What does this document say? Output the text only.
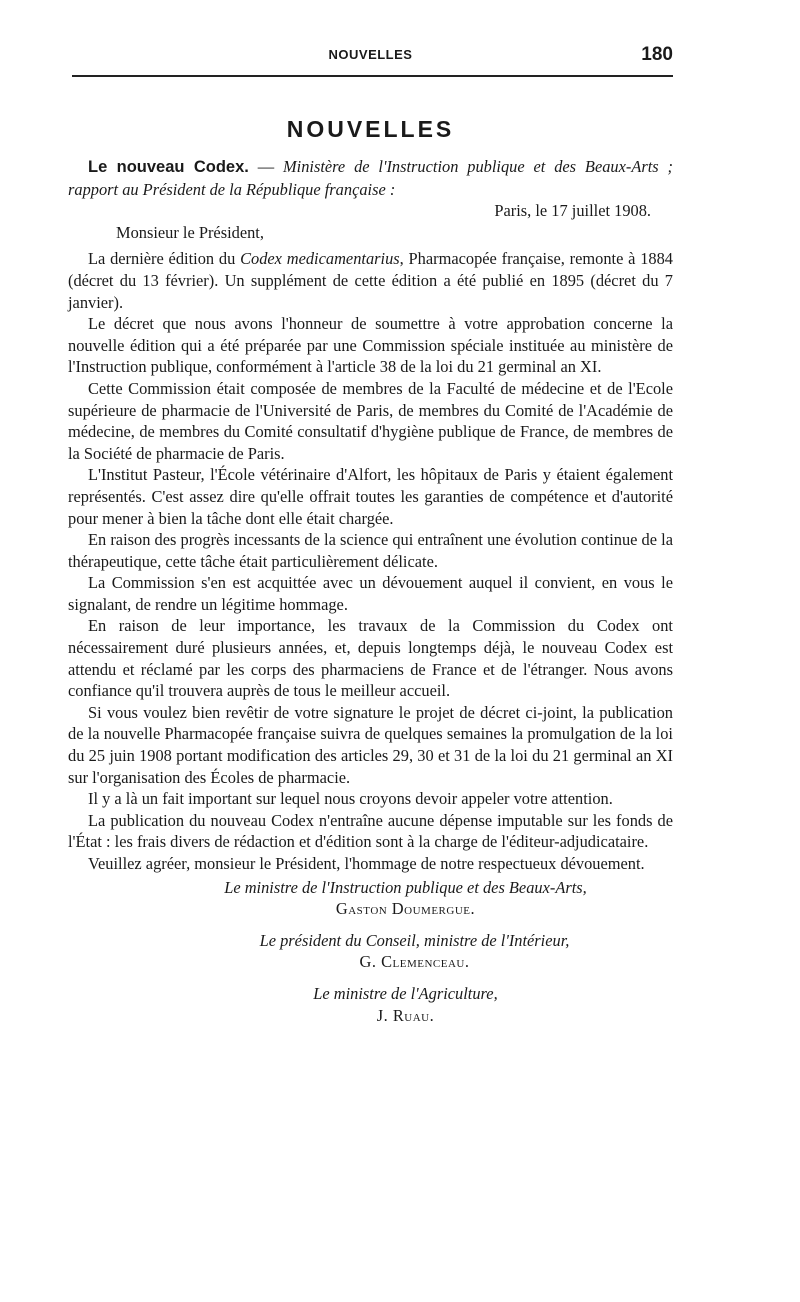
NOUVELLES	180
NOUVELLES

Le nouveau Codex. — Ministère de l'Instruction publique et des Beaux-Arts ; rapport au Président de la République française :

Paris, le 17 juillet 1908.

Monsieur le Président,

La dernière édition du Codex medicamentarius, Pharmacopée française, remonte à 1884 (décret du 13 février). Un supplément de cette édition a été publié en 1895 (décret du 7 janvier).

Le décret que nous avons l'honneur de soumettre à votre approbation concerne la nouvelle édition qui a été préparée par une Commission spéciale instituée au ministère de l'Instruction publique, conformément à l'article 38 de la loi du 21 germinal an XI.

Cette Commission était composée de membres de la Faculté de médecine et de l'Ecole supérieure de pharmacie de l'Université de Paris, de membres du Comité de l'Académie de médecine, de membres du Comité consultatif d'hygiène publique de France, de membres de la Société de pharmacie de Paris.

L'Institut Pasteur, l'École vétérinaire d'Alfort, les hôpitaux de Paris y étaient également représentés. C'est assez dire qu'elle offrait toutes les garanties de compétence et d'autorité pour mener à bien la tâche dont elle était chargée.

En raison des progrès incessants de la science qui entraînent une évolution continue de la thérapeutique, cette tâche était particulièrement délicate.

La Commission s'en est acquittée avec un dévouement auquel il convient, en vous le signalant, de rendre un légitime hommage.

En raison de leur importance, les travaux de la Commission du Codex ont nécessairement duré plusieurs années, et, depuis longtemps déjà, le nouveau Codex est attendu et réclamé par les corps des pharmaciens de France et de l'étranger. Nous avons confiance qu'il trouvera auprès de tous le meilleur accueil.

Si vous voulez bien revêtir de votre signature le projet de décret ci-joint, la publication de la nouvelle Pharmacopée française suivra de quelques semaines la promulgation de la loi du 25 juin 1908 portant modification des articles 29, 30 et 31 de la loi du 21 germinal an XI sur l'organisation des Écoles de pharmacie.

Il y a là un fait important sur lequel nous croyons devoir appeler votre attention.

La publication du nouveau Codex n'entraîne aucune dépense imputable sur les fonds de l'État : les frais divers de rédaction et d'édition sont à la charge de l'éditeur-adjudicataire.

Veuillez agréer, monsieur le Président, l'hommage de notre respectueux dévouement.

Le ministre de l'Instruction publique et des Beaux-Arts,

Gaston Doumergue.

Le président du Conseil, ministre de l'Intérieur,

G. Clemenceau.

Le ministre de l'Agriculture,

J. Ruau.
